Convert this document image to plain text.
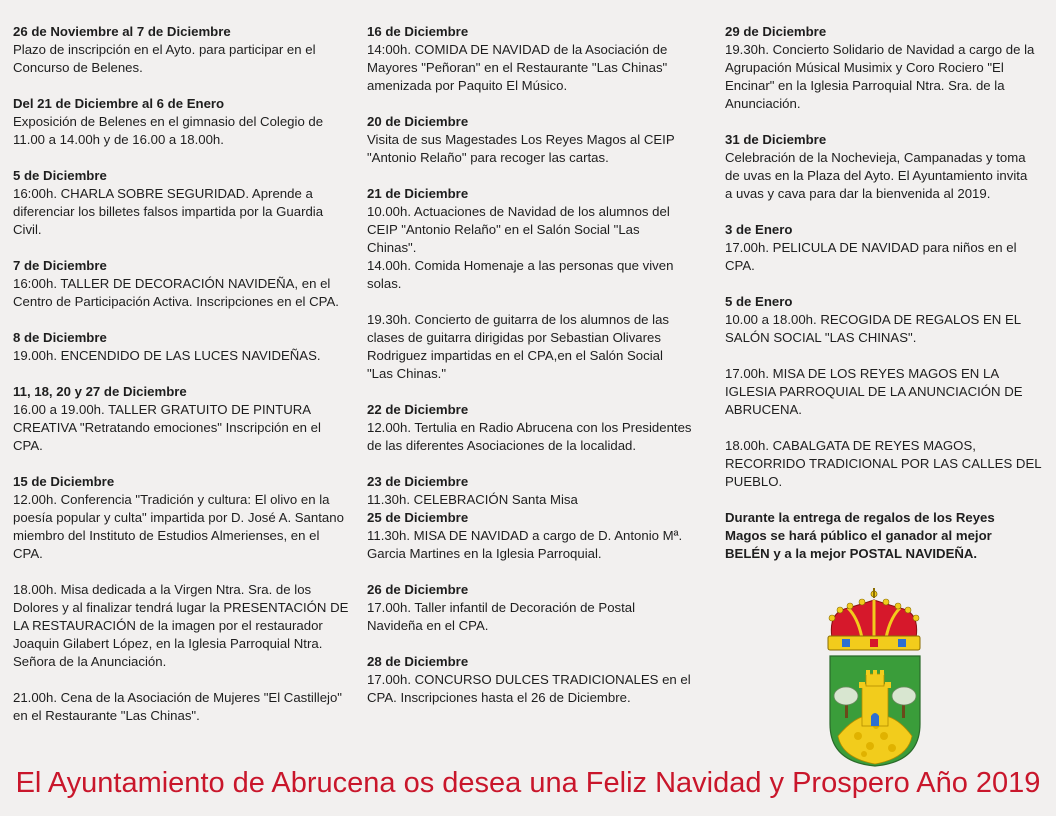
26 de Noviembre al 7 de Diciembre
Plazo de inscripción en el Ayto. para participar en el
Concurso de Belenes.
Del 21 de Diciembre al 6 de Enero
Exposición de Belenes en el gimnasio del Colegio de
11.00 a 14.00h y de 16.00 a 18.00h.
5 de Diciembre
16:00h. CHARLA SOBRE SEGURIDAD. Aprende a
diferenciar los billetes falsos impartida por la Guardia
Civil.
7 de Diciembre
16:00h. TALLER DE DECORACIÓN NAVIDEÑA, en el
Centro de Participación Activa. Inscripciones en el CPA.
8 de Diciembre
19.00h. ENCENDIDO DE LAS LUCES NAVIDEÑAS.
11, 18, 20 y 27 de Diciembre
16.00 a 19.00h. TALLER GRATUITO DE PINTURA
CREATIVA "Retratando emociones" Inscripción en el
CPA.
15 de Diciembre
12.00h. Conferencia "Tradición y cultura: El olivo en la
poesía popular y culta" impartida por D. José A. Santano
miembro del Instituto de Estudios Almerienses, en el
CPA.
18.00h. Misa dedicada a la Virgen Ntra. Sra. de los
Dolores y al finalizar tendrá lugar la PRESENTACIÓN DE
LA RESTAURACIÓN de la imagen por el restaurador
Joaquin Gilabert López, en la Iglesia Parroquial Ntra.
Señora de la Anunciación.
21.00h. Cena de la Asociación de Mujeres "El Castillejo"
en el Restaurante "Las Chinas".
16 de Diciembre
14:00h. COMIDA DE NAVIDAD de la Asociación de
Mayores "Peñoran" en el Restaurante "Las Chinas"
amenizada por Paquito El Músico.
20 de Diciembre
Visita de sus Magestades Los Reyes Magos al CEIP
"Antonio Relaño" para recoger las cartas.
21 de Diciembre
10.00h. Actuaciones de Navidad de los alumnos del
CEIP "Antonio Relaño" en el Salón Social "Las
Chinas".
14.00h. Comida Homenaje a las personas que viven
solas.
19.30h. Concierto de guitarra de los alumnos de las
clases de guitarra dirigidas por Sebastian Olivares
Rodriguez impartidas en el CPA,en el Salón Social
"Las Chinas."
22 de Diciembre
12.00h. Tertulia en Radio Abrucena con los Presidentes
de las diferentes Asociaciones de la localidad.
23 de Diciembre
11.30h. CELEBRACIÓN Santa Misa
25 de Diciembre
11.30h. MISA DE NAVIDAD a cargo de D. Antonio Mª.
Garcia Martines en la Iglesia Parroquial.
26 de Diciembre
17.00h. Taller infantil de Decoración de Postal
Navideña en el CPA.
28 de Diciembre
17.00h. CONCURSO DULCES TRADICIONALES en el
CPA. Inscripciones hasta el 26 de Diciembre.
29 de Diciembre
19.30h. Concierto Solidario de Navidad a cargo de la
Agrupación Músical Musimix y Coro Rociero "El
Encinar" en la Iglesia Parroquial Ntra. Sra. de la
Anunciación.
31 de Diciembre
Celebración de la Nochevieja, Campanadas y toma
de uvas en la Plaza del Ayto. El Ayuntamiento invita
a uvas y cava para dar la bienvenida al 2019.
3 de Enero
17.00h. PELICULA DE NAVIDAD para niños en el
CPA.
5 de Enero
10.00 a 18.00h. RECOGIDA DE REGALOS EN EL
SALÓN SOCIAL "LAS CHINAS".
17.00h. MISA DE LOS REYES MAGOS EN LA
IGLESIA PARROQUIAL DE LA ANUNCIACIÓN DE
ABRUCENA.
18.00h. CABALGATA DE REYES MAGOS,
RECORRIDO TRADICIONAL POR LAS CALLES DEL
PUEBLO.
Durante la entrega de regalos de los Reyes
Magos se hará público el ganador al mejor
BELÉN y a la mejor POSTAL NAVIDEÑA.
El Ayuntamiento de Abrucena os desea una Feliz Navidad y Prospero Año 2019
